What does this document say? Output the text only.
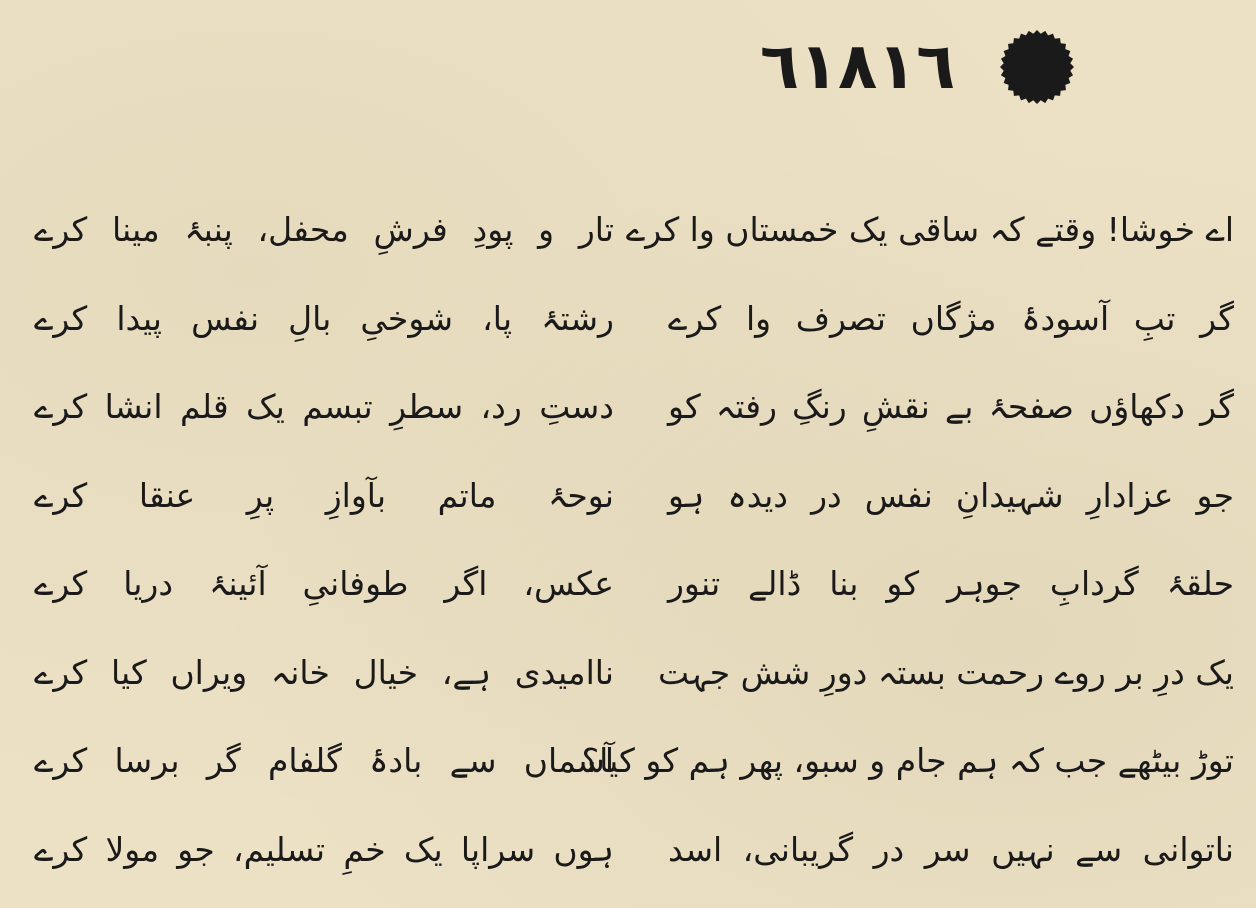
٦١٨١٦
اے خوشا! وقتے کہ ساقی یک خمستاں وا کرے
گر تبِ آسودۂ مژگاں تصرف وا کرے
گر دکھاؤں صفحۂ بے نقشِ رنگِ رفتہ کو
جو عزادارِ شہیدانِ نفس در دیدہ ہو
حلقۂ گردابِ جوہر کو بنا ڈالے تنور
یک درِ بر روے رحمت بستہ دورِ شش جہت
توڑ بیٹھے جب کہ ہم جام و سبو، پھر ہم کو کیا؟
ناتوانی سے نہیں سر در گریبانی، اسد
تار و پودِ فرشِ محفل، پنبۂ مینا کرے
رشتۂ پا، شوخیِ بالِ نفس پیدا کرے
دستِ رد، سطرِ تبسم یک قلم انشا کرے
نوحۂ ماتم بآوازِ پرِ عنقا کرے
عکس، اگر طوفانیِ آئینۂ دریا کرے
ناامیدی ہے، خیال خانہ ویراں کیا کرے
آسماں سے بادۂ گلفام گر برسا کرے
ہوں سراپا یک خمِ تسلیم، جو مولا کرے
